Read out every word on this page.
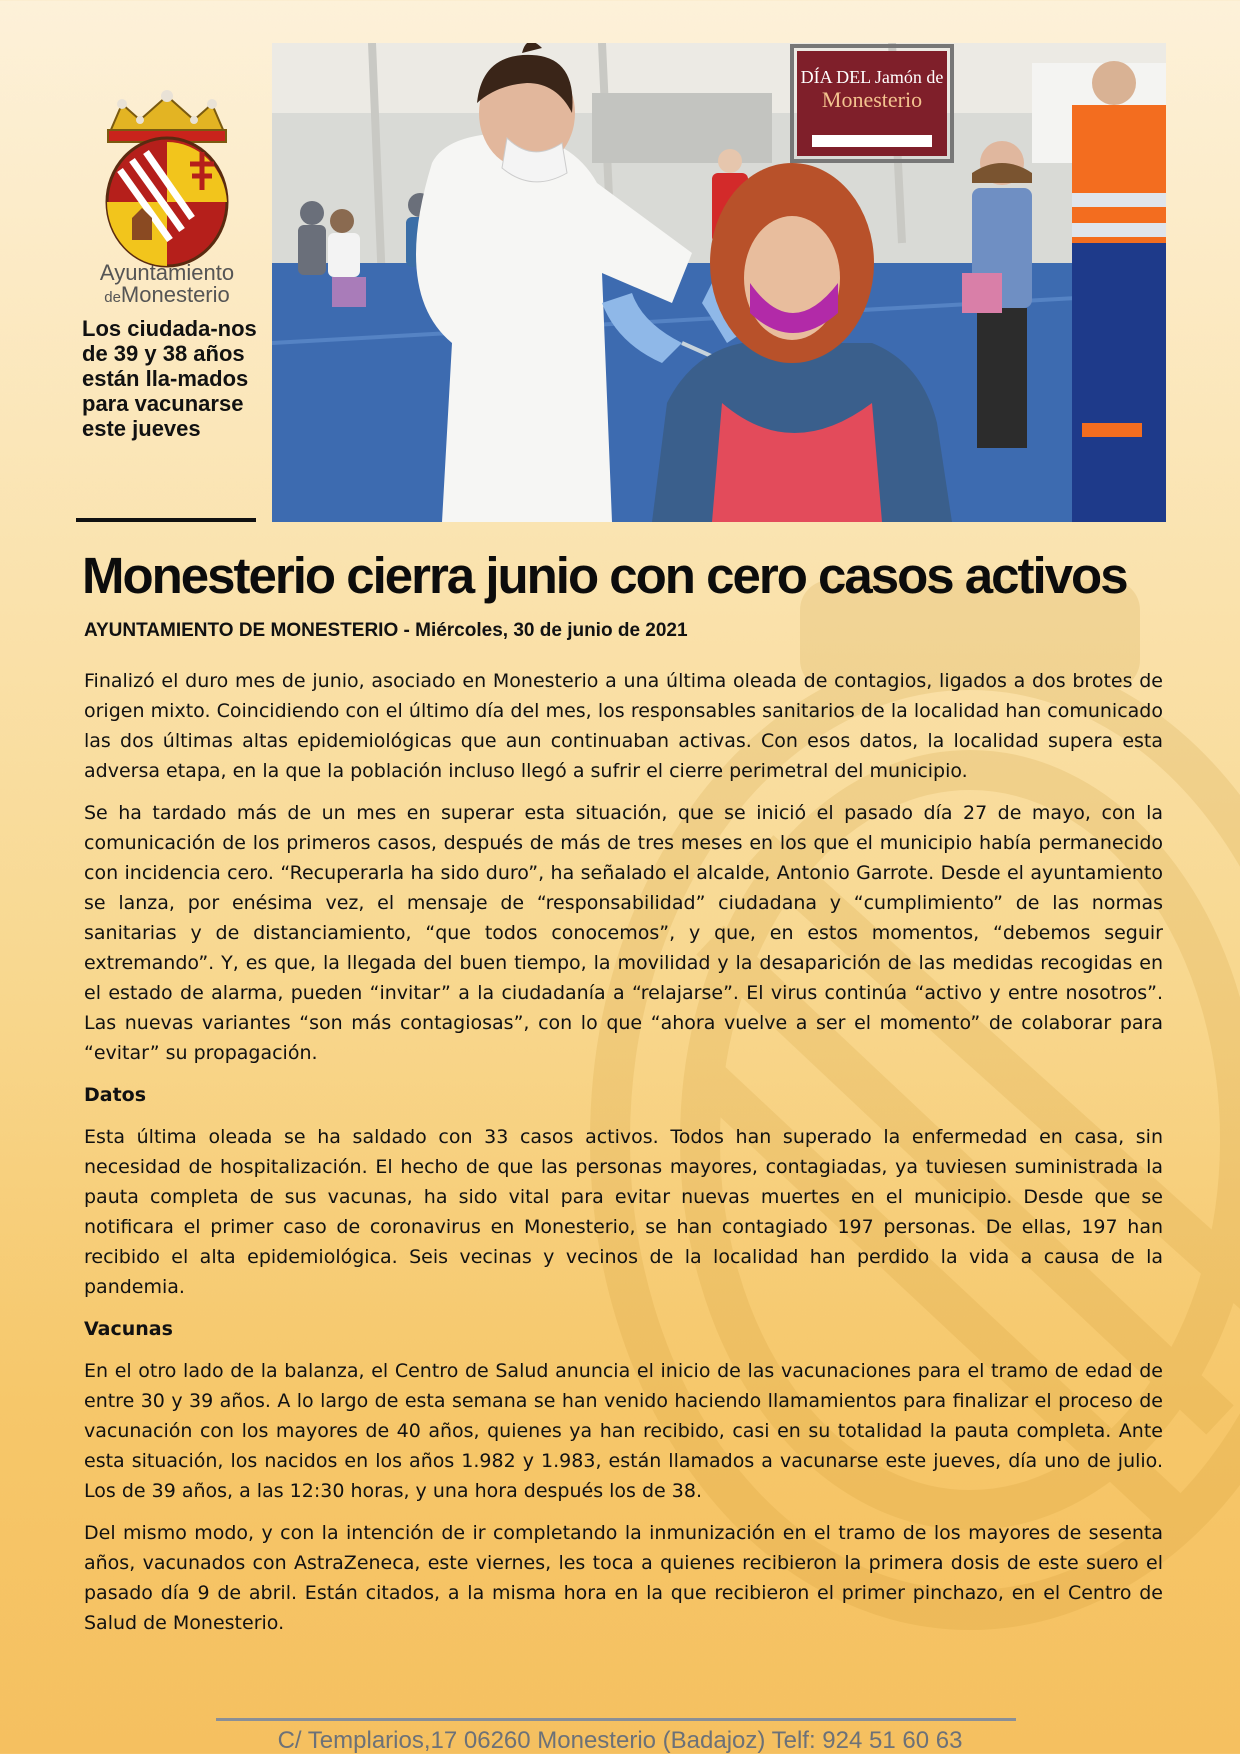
Ayuntamiento
deMonesterio
Los ciudada-nos de 39 y 38 años están lla-mados para vacunarse este jueves
DÍA DEL Jamón de
Monesterio
Monesterio cierra junio con cero casos activos
AYUNTAMIENTO DE MONESTERIO - Miércoles, 30 de junio de 2021

Finalizó el duro mes de junio, asociado en Monesterio a una última oleada de contagios, ligados a dos brotes de origen mixto. Coincidiendo con el último día del mes, los responsables sanitarios de la localidad han comunicado las dos últimas altas epidemiológicas que aun continuaban activas. Con esos datos, la localidad supera esta adversa etapa, en la que la población incluso llegó a sufrir el cierre perimetral del municipio.

Se ha tardado más de un mes en superar esta situación, que se inició el pasado día 27 de mayo, con la comunicación de los primeros casos, después de más de tres meses en los que el municipio había permanecido con incidencia cero. “Recuperarla ha sido duro”, ha señalado el alcalde, Antonio Garrote. Desde el ayuntamiento se lanza, por enésima vez, el mensaje de “responsabilidad” ciudadana y “cumplimiento” de las normas sanitarias y de distanciamiento, “que todos conocemos”, y que, en estos momentos, “debemos seguir extremando”. Y, es que, la llegada del buen tiempo, la movilidad y la desaparición de las medidas recogidas en el estado de alarma, pueden “invitar” a la ciudadanía a “relajarse”. El virus continúa “activo y entre nosotros”. Las nuevas variantes “son más contagiosas”, con lo que “ahora vuelve a ser el momento” de colaborar para “evitar” su propagación.

Datos

Esta última oleada se ha saldado con 33 casos activos. Todos han superado la enfermedad en casa, sin necesidad de hospitalización. El hecho de que las personas mayores, contagiadas, ya tuviesen suministrada la pauta completa de sus vacunas, ha sido vital para evitar nuevas muertes en el municipio. Desde que se notificara el primer caso de coronavirus en Monesterio, se han contagiado 197 personas. De ellas, 197 han recibido el alta epidemiológica. Seis vecinas y vecinos de la localidad han perdido la vida a causa de la pandemia.

Vacunas

En el otro lado de la balanza, el Centro de Salud anuncia el inicio de las vacunaciones para el tramo de edad de entre 30 y 39 años. A lo largo de esta semana se han venido haciendo llamamientos para finalizar el proceso de vacunación con los mayores de 40 años, quienes ya han recibido, casi en su totalidad la pauta completa. Ante esta situación, los nacidos en los años 1.982 y 1.983, están llamados a vacunarse este jueves, día uno de julio. Los de 39 años, a las 12:30 horas, y una hora después los de 38.

Del mismo modo, y con la intención de ir completando la inmunización en el tramo de los mayores de sesenta años, vacunados con AstraZeneca, este viernes, les toca a quienes recibieron la primera dosis de este suero el pasado día 9 de abril. Están citados, a la misma hora en la que recibieron el primer pinchazo, en el Centro de Salud de Monesterio.

C/ Templarios,17 06260 Monesterio (Badajoz) Telf: 924 51 60 63
